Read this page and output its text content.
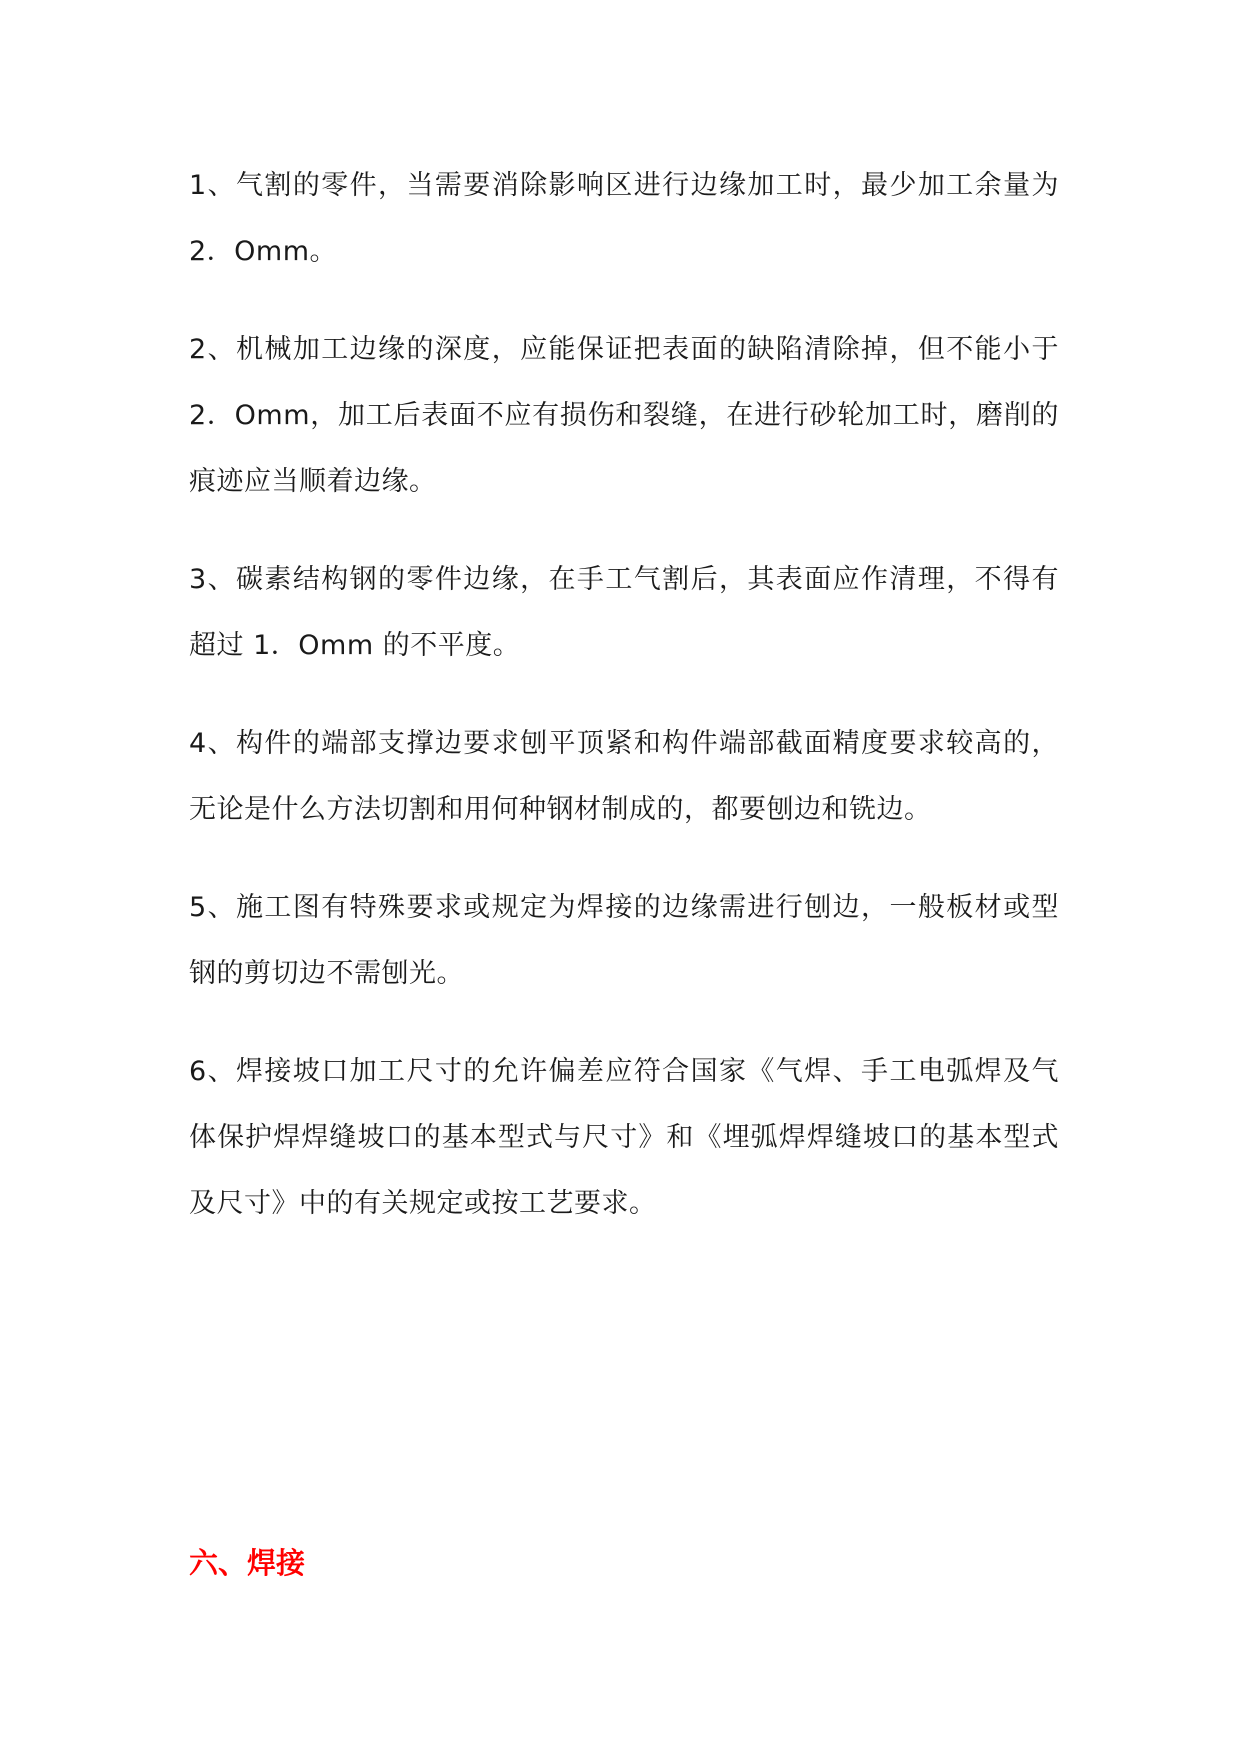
1、气割的零件，当需要消除影响区进行边缘加工时，最少加工余量为 2．Omm。

2、机械加工边缘的深度，应能保证把表面的缺陷清除掉，但不能小于 2．Omm，加工后表面不应有损伤和裂缝，在进行砂轮加工时，磨削的痕迹应当顺着边缘。

3、碳素结构钢的零件边缘，在手工气割后，其表面应作清理，不得有超过 1．Omm 的不平度。

4、构件的端部支撑边要求刨平顶紧和构件端部截面精度要求较高的，无论是什么方法切割和用何种钢材制成的，都要刨边和铣边。

5、施工图有特殊要求或规定为焊接的边缘需进行刨边，一般板材或型钢的剪切边不需刨光。

6、焊接坡口加工尺寸的允许偏差应符合国家《气焊、手工电弧焊及气体保护焊焊缝坡口的基本型式与尺寸》和《埋弧焊焊缝坡口的基本型式及尺寸》中的有关规定或按工艺要求。

六、焊接
